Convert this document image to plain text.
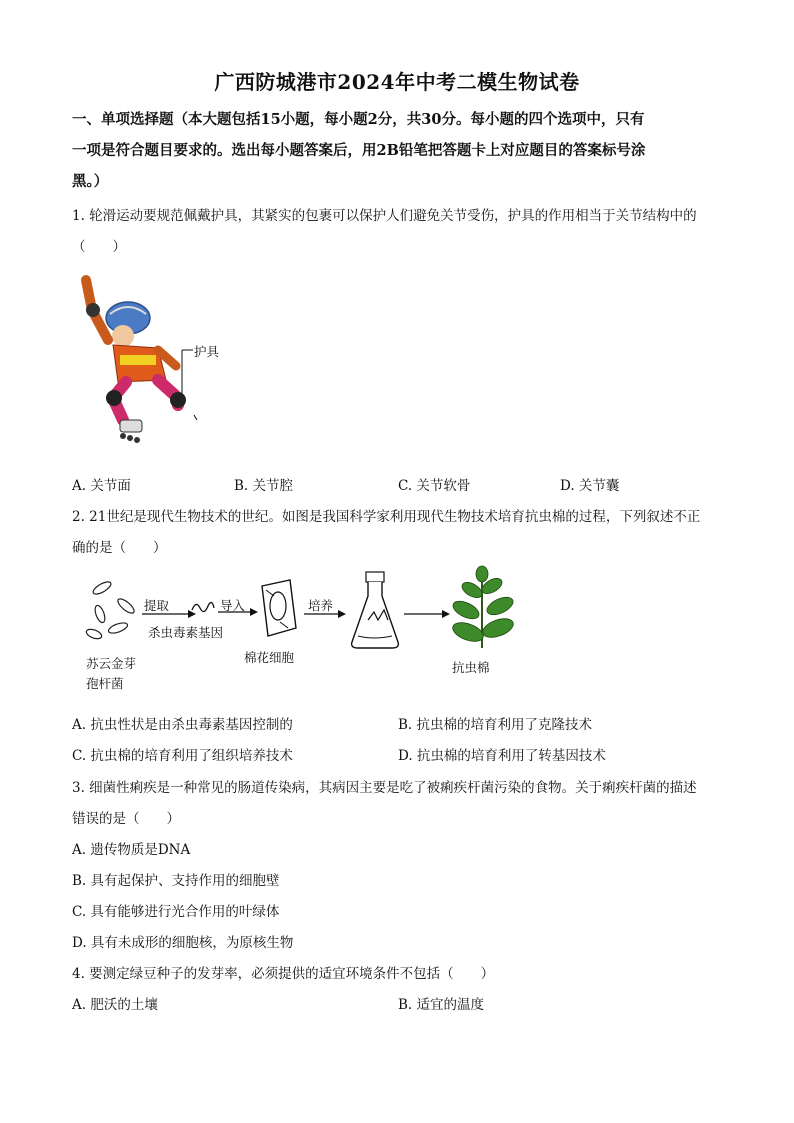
广西防城港市2024年中考二模生物试卷
一、单项选择题（本大题包括15小题，每小题2分，共30分。每小题的四个选项中，只有
一项是符合题目要求的。选出每小题答案后，用2B铅笔把答题卡上对应题目的答案标号涂
黑。）
1. 轮滑运动要规范佩戴护具，其紧实的包裹可以保护人们避免关节受伤，护具的作用相当于关节结构中的
（　　）
护具
A. 关节面	B. 关节腔	C. 关节软骨	D. 关节囊
2. 21世纪是现代生物技术的世纪。如图是我国科学家利用现代生物技术培育抗虫棉的过程，下列叙述不正
确的是（　　）
提取	导入	培养
杀虫毒素基因
棉花细胞
苏云金芽
孢杆菌
抗虫棉
A. 抗虫性状是由杀虫毒素基因控制的	B. 抗虫棉的培育利用了克隆技术
C. 抗虫棉的培育利用了组织培养技术	D. 抗虫棉的培育利用了转基因技术
3. 细菌性痢疾是一种常见的肠道传染病，其病因主要是吃了被痢疾杆菌污染的食物。关于痢疾杆菌的描述
错误的是（　　）
A. 遗传物质是DNA
B. 具有起保护、支持作用的细胞壁
C. 具有能够进行光合作用的叶绿体
D. 具有未成形的细胞核，为原核生物
4. 要测定绿豆种子的发芽率，必须提供的适宜环境条件不包括（　　）
A. 肥沃的土壤	B. 适宜的温度
